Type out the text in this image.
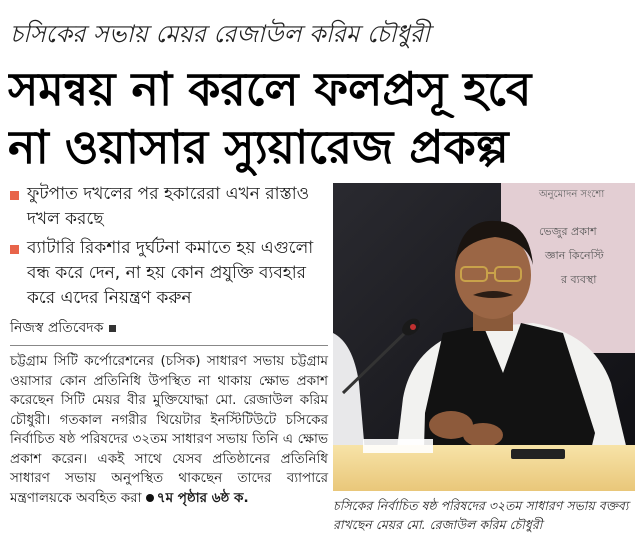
চসিকের সভায় মেয়র রেজাউল করিম চৌধুরী
সমন্বয় না করলে ফলপ্রসূ হবে
না ওয়াসার স্যুয়ারেজ প্রকল্প
ফুটপাত দখলের পর হকারেরা এখন রাস্তাও দখল করছে
ব্যাটারি রিকশার দুর্ঘটনা কমাতে হয় এগুলো বন্ধ করে দেন, না হয় কোন প্রযুক্তি ব্যবহার করে এদের নিয়ন্ত্রণ করুন
নিজস্ব প্রতিবেদক
চট্টগ্রাম সিটি কর্পোরেশনের (চসিক) সাধারণ সভায় চট্টগ্রাম ওয়াসার কোন প্রতিনিধি উপস্থিত না থাকায় ক্ষোভ প্রকাশ করেছেন সিটি মেয়র বীর মুক্তিযোদ্ধা মো. রেজাউল করিম চৌধুরী। গতকাল নগরীর থিয়েটার ইনস্টিটিউটে চসিকের নির্বাচিত ষষ্ঠ পরিষদের ৩২তম সাধারণ সভায় তিনি এ ক্ষোভ প্রকাশ করেন। একই সাথে যেসব প্রতিষ্ঠানের প্রতিনিধি সাধারণ সভায় অনুপস্থিত থাকছেন তাদের ব্যাপারে মন্ত্রণালয়কে অবহিত করা ৭ম পৃষ্ঠার ৬ষ্ঠ ক.
অনুমোদন সংশো
ভেজুর প্রকাশ
জ্ঞান কিনেস্টি
র ব্যবস্থা
চসিকের নির্বাচিত ষষ্ঠ পরিষদের ৩২তম সাধারণ সভায় বক্তব্য রাখছেন মেয়র মো. রেজাউল করিম চৌধুরী
